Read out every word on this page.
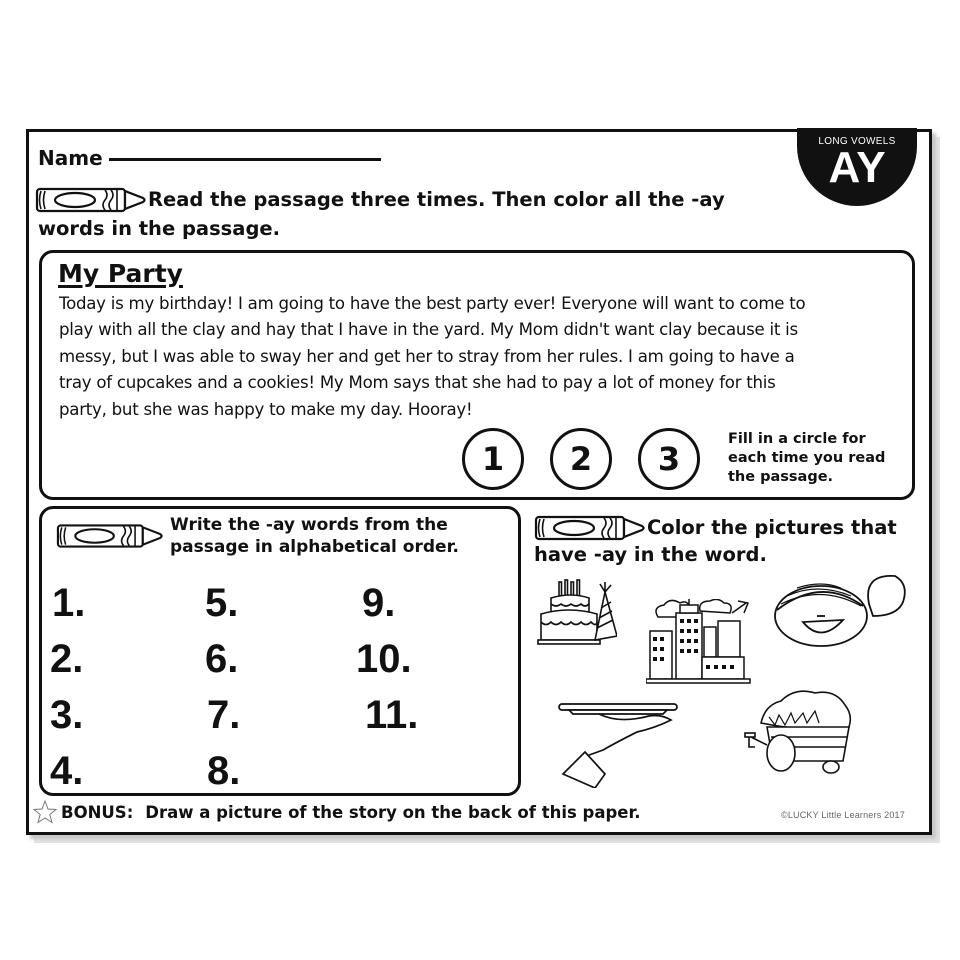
LONG VOWELS
AY
Name
Read the passage three times. Then color all the -ay
words in the passage.
My Party
Today is my birthday! I am going to have the best party ever! Everyone will want to come to
play with all the clay and hay that I have in the yard. My Mom didn't want clay because it is
messy, but I was able to sway her and get her to stray from her rules. I am going to have a
tray of cupcakes and a cookies! My Mom says that she had to pay a lot of money for this
party, but she was happy to make my day. Hooray!
1	2	3
Fill in a circle for
each time you read
the passage.
Write the -ay words from the
passage in alphabetical order.
1.
2.
3.
4.
5.
6.
7.
8.
9.
10.
11.
Color the pictures that
have -ay in the word.
BONUS: Draw a picture of the story on the back of this paper.	©LUCKY Little Learners 2017
